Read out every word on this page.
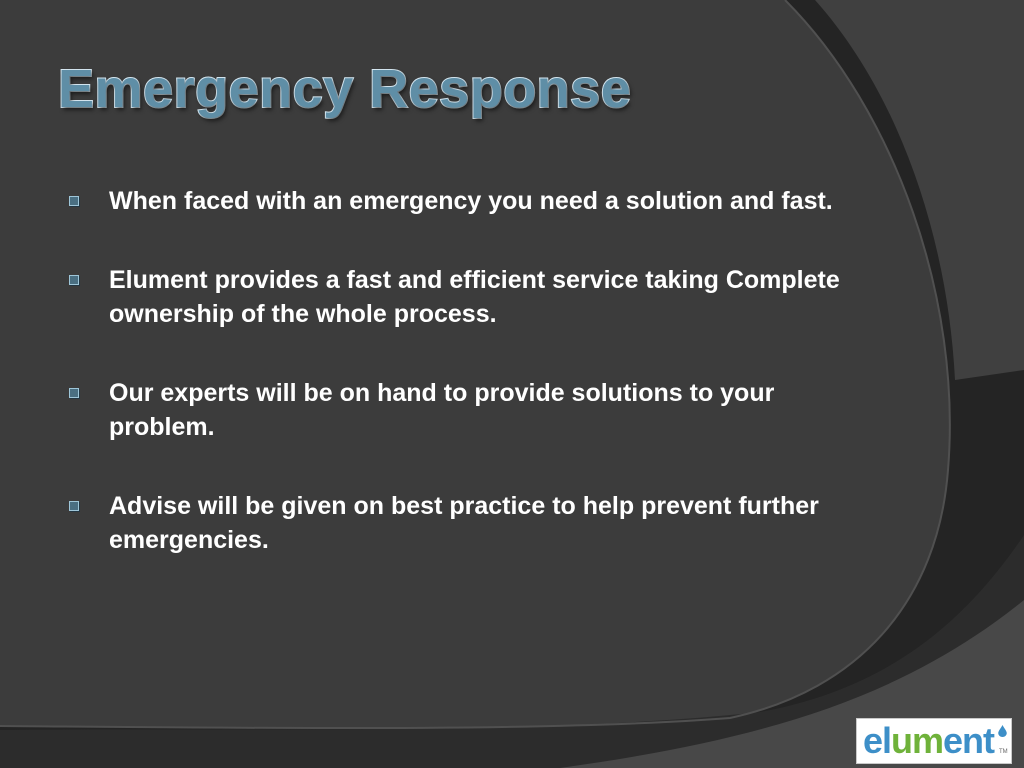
Emergency Response
When faced with an emergency you need a solution and fast.
Elument provides a fast and efficient service taking Complete ownership of the whole process.
Our experts will be on hand to provide solutions to your problem.
Advise will be given on best practice to help prevent further emergencies.
elument TM
